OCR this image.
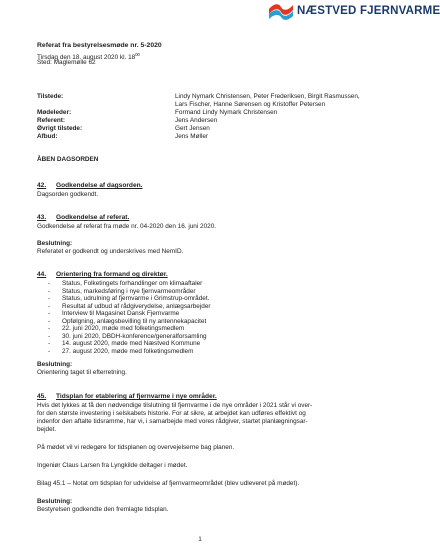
NÆSTVED FJERNVARME
Referat fra bestyrelsesmøde nr. 5-2020
Tirsdag den 18. august 2020 kl. $18^{00}$
Sted: Maglemølle 62
Tilstede:	Lindy Nymark Christensen, Peter Frederiksen, Birgit Rasmussen,
Lars Fischer, Hanne Sørensen og Kristoffer Petersen
Mødeleder:	Formand Lindy Nymark Christensen
Referent:	Jens Andersen
Øvrigt tilstede:	Gert Jensen
Afbud:	Jens Møller
ÅBEN DAGSORDEN
42. Godkendelse af dagsorden.
Dagsorden godkendt.
43. Godkendelse af referat.
Godkendelse af referat fra møde nr. 04-2020 den 16. juni 2020.
Beslutning:
Referatet er godkendt og underskrives med NemID.
44. Orientering fra formand og direktør.
- Status, Folketingets forhandlinger om klimaaftaler
- Status, markedsføring i nye fjernvarmeområder
- Status, udrulning af fjernvarme i Grimstrup-området.
- Resultat af udbud af rådgiverydelse, anlægsarbejder
- Interview til Magasinet Dansk Fjernvarme
- Opfølgning, anlægsbevilling til ny antennekapacitet
- 22. juni 2020, møde med folketingsmedlem
- 30. juni 2020, DBDH-konference/generalforsamling
- 14. august 2020, møde med Næstved Kommune
- 27. august 2020, møde med folketingsmedlem
Beslutning:
Orientering taget til efterretning.
45. Tidsplan for etablering af fjernvarme i nye områder.
Hvis det lykkes at få den nødvendige tilslutning til fjernvarme i de nye områder i 2021 står vi over-
for den største investering i selskabets historie. For at sikre, at arbejdet kan udføres effektivt og
indenfor den aftalte tidsramme, har vi, i samarbejde med vores rådgiver, startet planlægningsar-
bejdet.
På mødet vil vi redegøre for tidsplanen og overvejelserne bag planen.
Ingeniør Claus Larsen fra Lyngkilde deltager i mødet.
Bilag 45.1 – Notat om tidsplan for udvidelse af fjernvarmeområdet (blev udleveret på mødet).
Beslutning:
Bestyrelsen godkendte den fremlagte tidsplan.
1
